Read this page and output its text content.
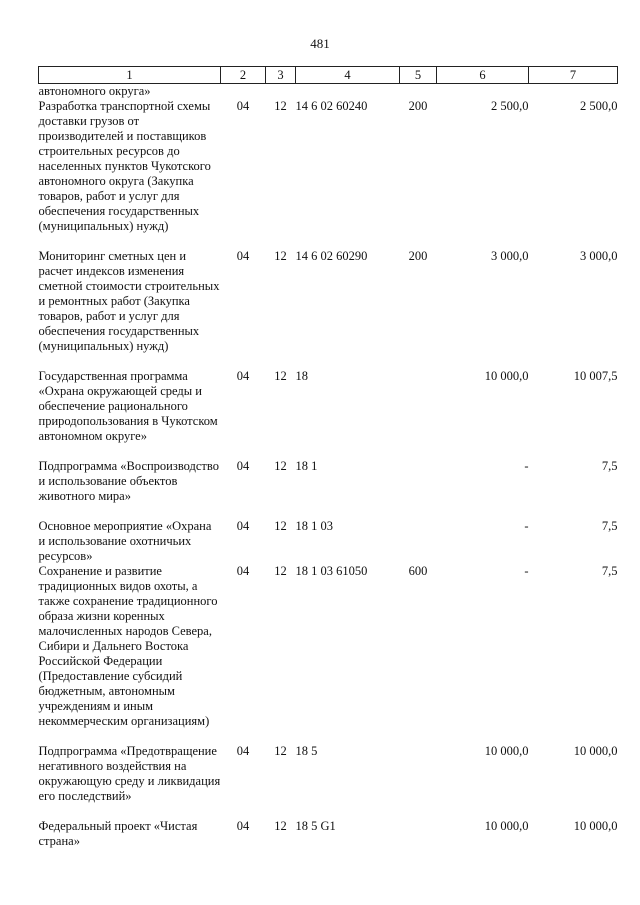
481
1	2	3	4	5	6	7
автономного округа»						
Разработка транспортной схемы доставки грузов от производителей и поставщиков строительных ресурсов до населенных пунктов Чукотского автономного округа (Закупка товаров, работ и услуг для обеспечения государственных (муниципальных) нужд)	04	12	14 6 02 60240	200	2 500,0	2 500,0
Мониторинг сметных цен и расчет индексов изменения сметной стоимости строительных и ремонтных работ (Закупка товаров, работ и услуг для обеспечения государственных (муниципальных) нужд)	04	12	14 6 02 60290	200	3 000,0	3 000,0
Государственная программа «Охрана окружающей среды и обеспечение рационального природопользования в Чукотском автономном округе»	04	12	18		10 000,0	10 007,5
Подпрограмма «Воспроизводство и использование объектов животного мира»	04	12	18 1		-	7,5
Основное мероприятие «Охрана и использование охотничьих ресурсов»	04	12	18 1 03		-	7,5
Сохранение и развитие традиционных видов охоты, а также сохранение традиционного образа жизни коренных малочисленных народов Севера, Сибири и Дальнего Востока Российской Федерации (Предоставление субсидий бюджетным, автономным учреждениям и иным некоммерческим организациям)	04	12	18 1 03 61050	600	-	7,5
Подпрограмма «Предотвращение негативного воздействия на окружающую среду и ликвидация его последствий»	04	12	18 5		10 000,0	10 000,0
Федеральный проект «Чистая страна»	04	12	18 5 G1		10 000,0	10 000,0
